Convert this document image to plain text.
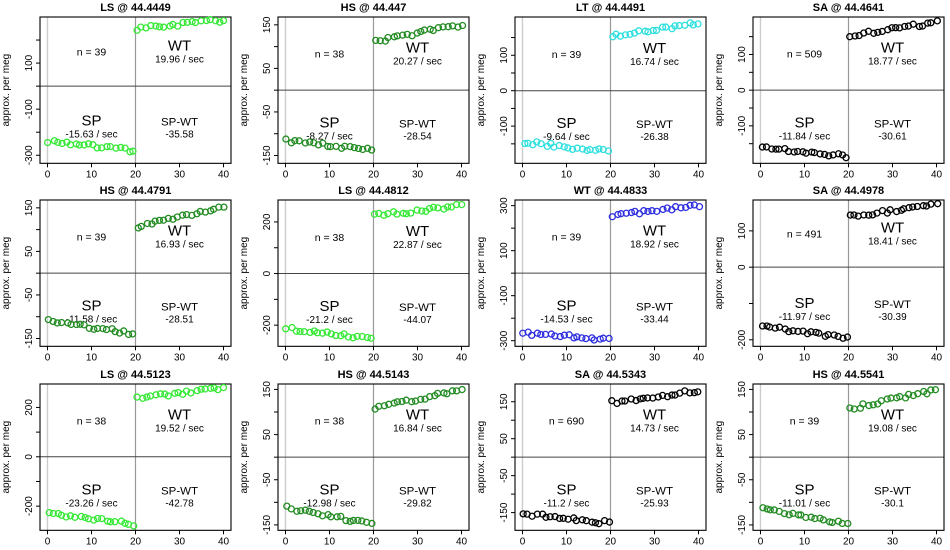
LS @ 44.4449
approx. per meg
-300
-100
100
0	10	20	30	40
n = 39	WT
19.96 / sec
SP
-15.63 / sec
SP-WT
-35.58
HS @ 44.447
approx. per meg
-150
-50
50
150
0	10	20	30	40
n = 38	WT
20.27 / sec
SP
-8.27 / sec
SP-WT
-28.54
LT @ 44.4491
approx. per meg -100
0
100
0	10	20	30	40
n = 39	WT
16.74 / sec
SP
-9.64 / sec
SP-WT
-26.38
SA @ 44.4641
approx. per meg -100
0
100
0	10	20	30	40
n = 509	WT
18.77 / sec
SP
-11.84 / sec
SP-WT
-30.61
HS @ 44.4791
approx. per meg
-150
-50
50
150
0	10	20	30	40
n = 39	WT
16.93 / sec
SP
-11.58 / sec
SP-WT
-28.51
LS @ 44.4812
approx. per meg
-200
0
200
0	10	20	30	40
n = 38	WT
22.87 / sec
SP
-21.2 / sec
SP-WT
-44.07
WT @ 44.4833
approx. per meg
-300
-100
100
300
0	10	20	30	40
n = 39	WT
18.92 / sec
SP
-14.53 / sec
SP-WT
-33.44
SA @ 44.4978
approx. per meg
-200
0
100
0	10	20	30	40
n = 491	WT
18.41 / sec
SP
-11.97 / sec
SP-WT
-30.39
LS @ 44.5123
approx. per meg
-200
0
200
0	10	20	30	40
n = 38	WT
19.52 / sec
SP
-23.26 / sec
SP-WT
-42.78
HS @ 44.5143
approx. per meg
-150
-50
50
150
0	10	20	30	40
n = 38	WT
16.84 / sec
SP
-12.98 / sec
SP-WT
-29.82
SA @ 44.5343
approx. per meg
-150
-50
50
150
0	10	20	30	40
n = 690	WT
14.73 / sec
SP
-11.2 / sec
SP-WT
-25.93
HS @ 44.5541
approx. per meg
-150
-50
50
150
0	10	20	30	40
n = 39	WT
19.08 / sec
SP
-11.01 / sec
SP-WT
-30.1
